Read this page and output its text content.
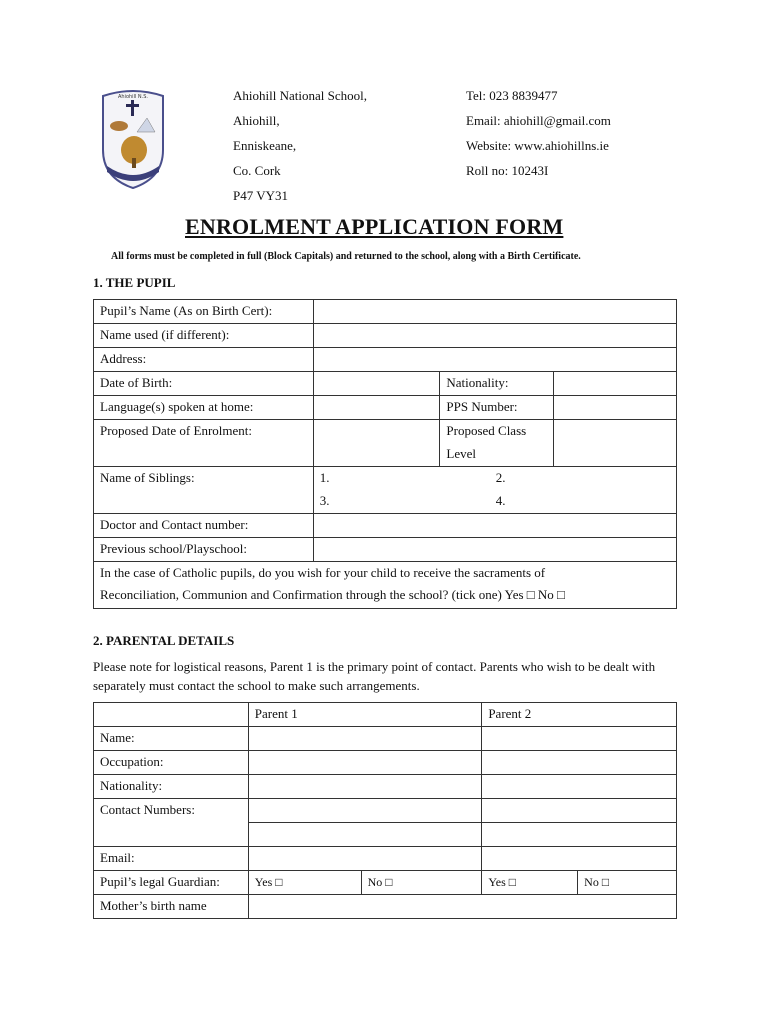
Ahiohill N.S.	Ahiohill National School,
Ahiohill,
Enniskeane,
Co. Cork
P47 VY31
Tel: 023 8839477
Email: ahiohill@gmail.com
Website: www.ahiohillns.ie
Roll no: 10243I
ENROLMENT APPLICATION FORM
All forms must be completed in full (Block Capitals) and returned to the school, along with a Birth Certificate.
1. THE PUPIL
Pupil’s Name (As on Birth Cert):			
Name used (if different):			
Address:			
Date of Birth:		Nationality:	
Language(s) spoken at home:		PPS Number:	
Proposed Date of Enrolment:		Proposed Class	
		Level	
Name of Siblings:	1.		2.

	3.		4.

Doctor and Contact number:			
Previous school/Playschool:			

In the case of Catholic pupils, do you wish for your child to receive the sacraments of
Reconciliation, Communion and Confirmation through the school? (tick one) Yes □ No □			
2. PARENTAL DETAILS
Please note for logistical reasons, Parent 1 is the primary point of contact. Parents who wish to be dealt with separately must contact the school to make such arrangements.
	Parent 1		Parent 2	
Name:				
Occupation:				
Nationality:				
Contact Numbers:				

Email:				
Pupil’s legal Guardian:	Yes □	No □	Yes □	No □
Mother’s birth name				
